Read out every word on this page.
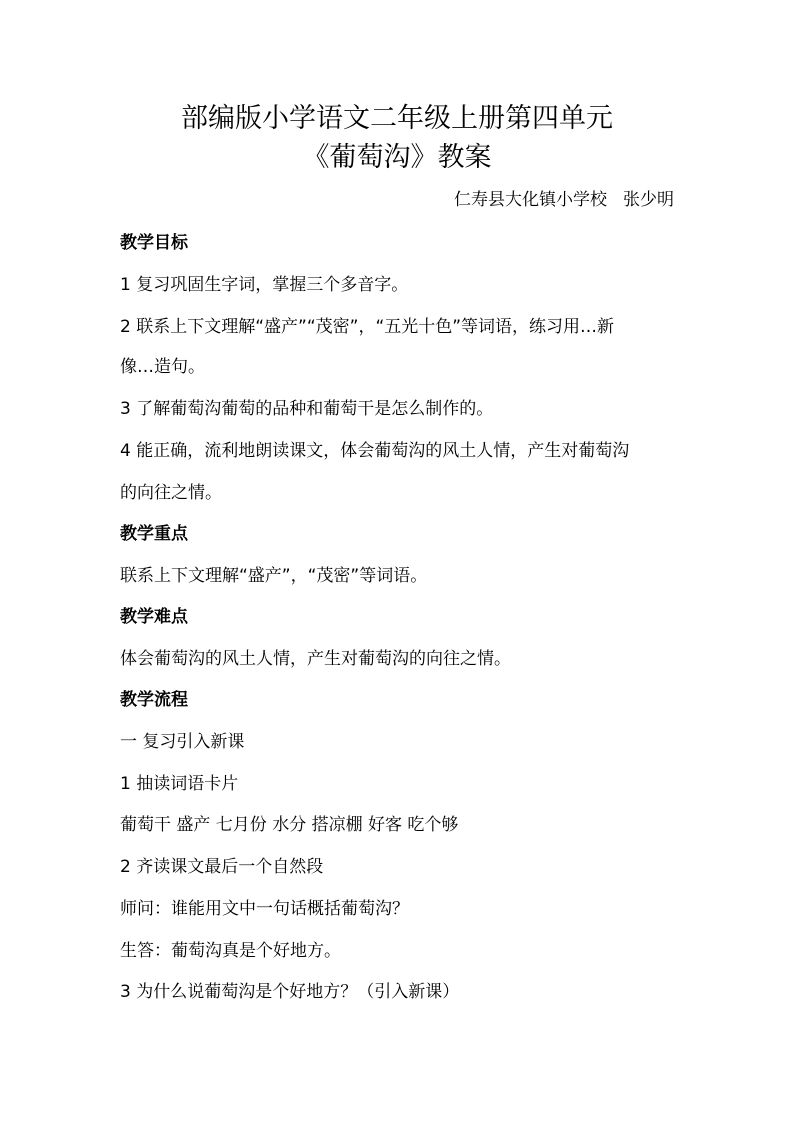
部编版小学语文二年级上册第四单元
《葡萄沟》教案
仁寿县大化镇小学校 张少明
教学目标
1 复习巩固生字词，掌握三个多音字。
2 联系上下文理解“盛产”“茂密”，“五光十色”等词语，练习用…新
像…造句。
3 了解葡萄沟葡萄的品种和葡萄干是怎么制作的。
4 能正确，流利地朗读课文，体会葡萄沟的风土人情，产生对葡萄沟
的向往之情。
教学重点
联系上下文理解“盛产”，“茂密”等词语。
教学难点
体会葡萄沟的风土人情，产生对葡萄沟的向往之情。
教学流程
一 复习引入新课
1 抽读词语卡片
葡萄干 盛产 七月份 水分 搭凉棚 好客 吃个够
2 齐读课文最后一个自然段
师问：谁能用文中一句话概括葡萄沟？
生答：葡萄沟真是个好地方。
3 为什么说葡萄沟是个好地方？（引入新课）
